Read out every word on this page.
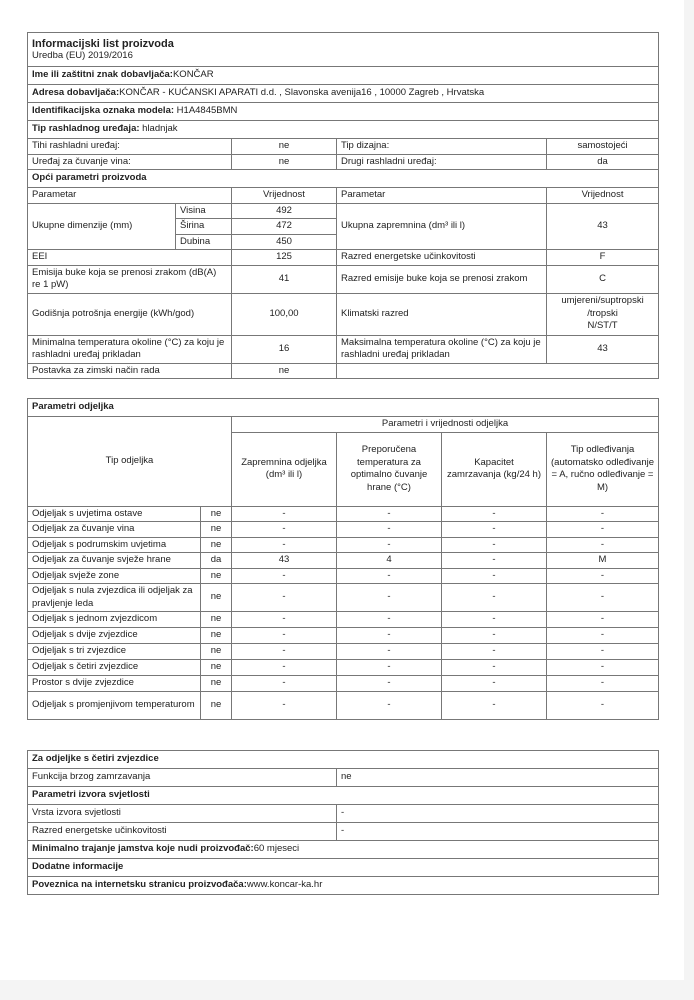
Informacijski list proizvoda
Uredba (EU) 2019/2016				

Ime ili zaštitni znak dobavljača:KONČAR				
Adresa dobavljača:KONČAR - KUĆANSKI APARATI d.d. , Slavonska avenija16 , 10000 Zagreb , Hrvatska				
Identifikacijska oznaka modela: H1A4845BMN				
Tip rashladnog uređaja: hladnjak				
Tihi rashladni uređaj:		ne	Tip dizajna:	samostojeći
Uređaj za čuvanje vina:		ne	Drugi rashladni uređaj:	da
Opći parametri proizvoda				
Parametar		Vrijednost	Parametar	Vrijednost
Ukupne dimenzije (mm)	Visina	492	Ukupna zapremnina (dm³ ili l)	43
	Širina	472		
	Dubina	450		
EEI		125	Razred energetske učinkovitosti	F
Emisija buke koja se prenosi zrakom (dB(A) re 1 pW)		41	Razred emisije buke koja se prenosi zrakom	C
Godišnja potrošnja energije (kWh/god)		100,00	Klimatski razred	umjereni/suptropski
/tropski
N/ST/T

Minimalna temperatura okoline (°C) za koju je rashladni uređaj prikladan		16	Maksimalna temperatura okoline (°C) za koju je rashladni uređaj prikladan	43
Postavka za zimski način rada		ne		
Parametri odjeljka					
Tip odjeljka		Parametri i vrijednosti odjeljka			
		Zapremnina odjeljka (dm³ ili l)	Preporučena temperatura za optimalno čuvanje hrane (°C)	Kapacitet zamrzavanja (kg/24 h)	Tip odleđivanja (automatsko odleđivanje = A, ručno odleđivanje = M)
Odjeljak s uvjetima ostave	ne	-	-	-	-
Odjeljak za čuvanje vina	ne	-	-	-	-
Odjeljak s podrumskim uvjetima	ne	-	-	-	-
Odjeljak za čuvanje svježe hrane	da	43	4	-	M
Odjeljak svježe zone	ne	-	-	-	-
Odjeljak s nula zvjezdica ili odjeljak za pravljenje leda	ne	-	-	-	-
Odjeljak s jednom zvjezdicom	ne	-	-	-	-
Odjeljak s dvije zvjezdice	ne	-	-	-	-
Odjeljak s tri zvjezdice	ne	-	-	-	-
Odjeljak s četiri zvjezdice	ne	-	-	-	-
Prostor s dvije zvjezdice	ne	-	-	-	-
Odjeljak s promjenjivom temperaturom	ne	-	-	-	-
Za odjeljke s četiri zvjezdice	
Funkcija brzog zamrzavanja	ne
Parametri izvora svjetlosti	
Vrsta izvora svjetlosti	-
Razred energetske učinkovitosti	-
Minimalno trajanje jamstva koje nudi proizvođač:60 mjeseci	
Dodatne informacije	
Poveznica na internetsku stranicu proizvođača:www.koncar-ka.hr	
